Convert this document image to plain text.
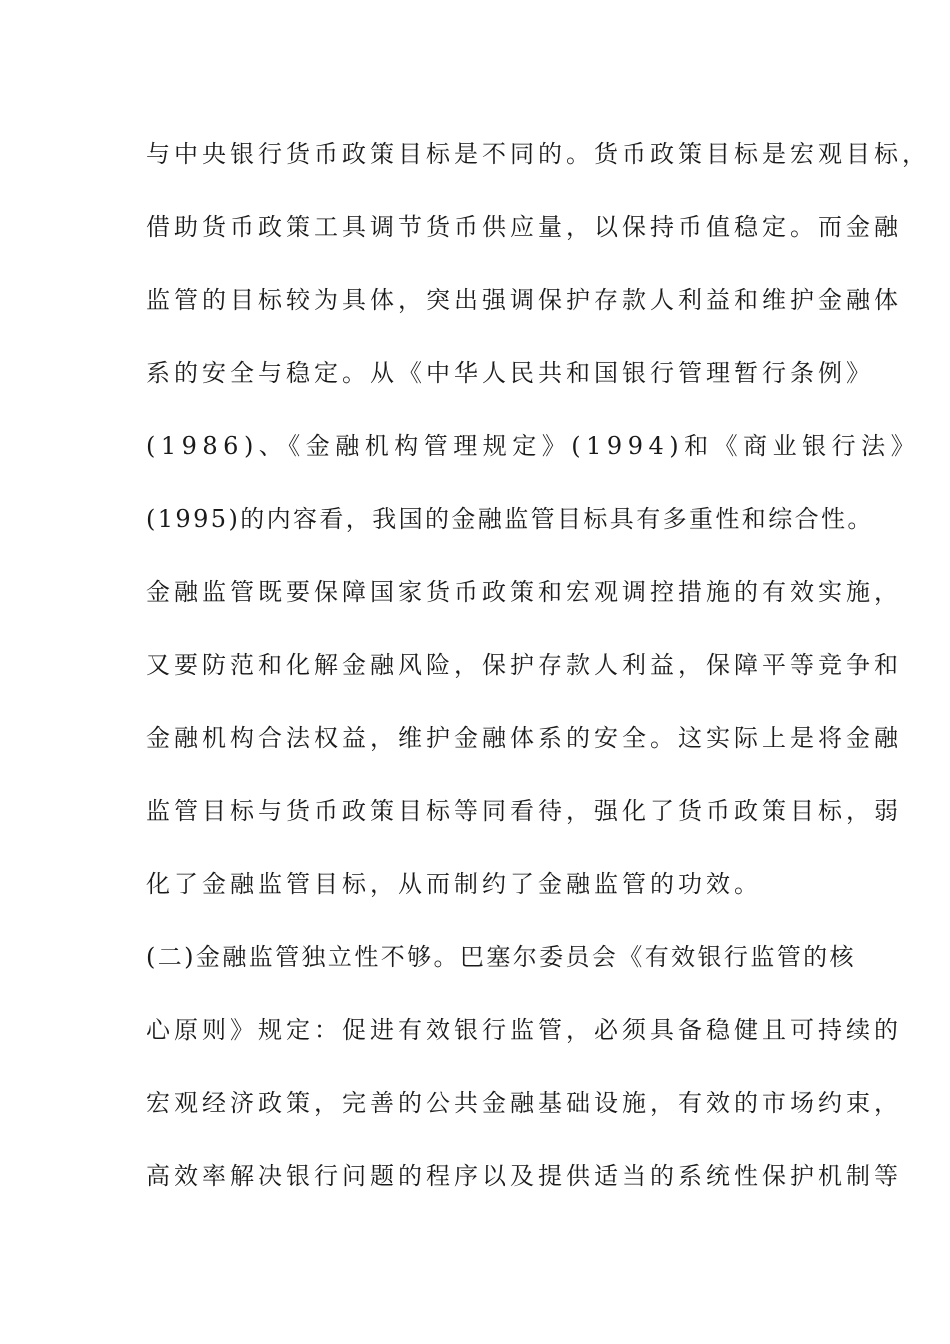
与中央银行货币政策目标是不同的。货币政策目标是宏观目标，
借助货币政策工具调节货币供应量，以保持币值稳定。而金融
监管的目标较为具体，突出强调保护存款人利益和维护金融体
系的安全与稳定。从《中华人民共和国银行管理暂行条例》
(1986)、《金融机构管理规定》(1994)和《商业银行法》
(1995)的内容看，我国的金融监管目标具有多重性和综合性。
金融监管既要保障国家货币政策和宏观调控措施的有效实施，
又要防范和化解金融风险，保护存款人利益，保障平等竞争和
金融机构合法权益，维护金融体系的安全。这实际上是将金融
监管目标与货币政策目标等同看待，强化了货币政策目标，弱
化了金融监管目标，从而制约了金融监管的功效。
(二)金融监管独立性不够。巴塞尔委员会《有效银行监管的核
心原则》规定：促进有效银行监管，必须具备稳健且可持续的
宏观经济政策，完善的公共金融基础设施，有效的市场约束，
高效率解决银行问题的程序以及提供适当的系统性保护机制等
